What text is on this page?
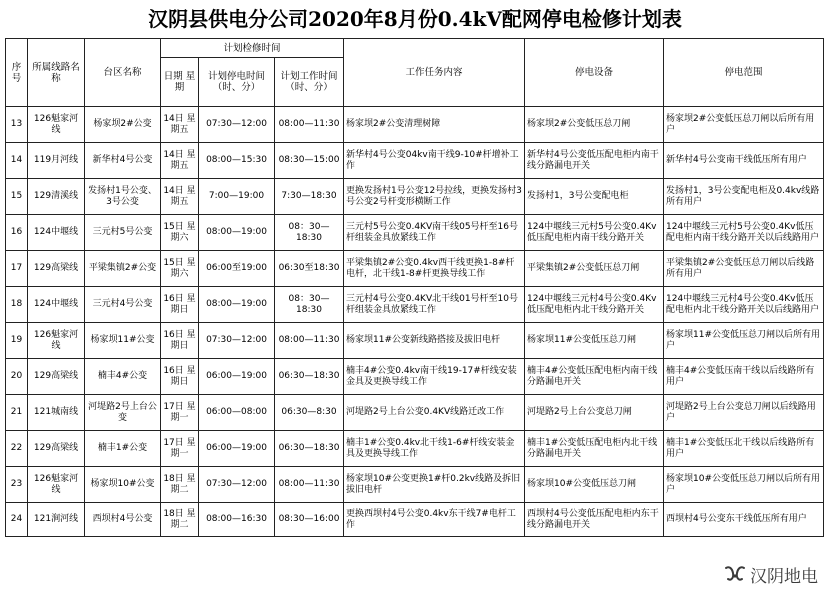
汉阴县供电分公司2020年8月份0.4kV配网停电检修计划表
序号	所属线路名 称	台区名称	计划检修时间			工作任务内容	停电设备	停电范围
			日期 星期	计划停电时间 （时、分）	计划工作时间 （时、分）			
13	126魁家河线	杨家坝2#公变	14日 星期五	07:30—12:00	08:00—11:30	杨家坝2#公变清理树障	杨家坝2#公变低压总刀闸	杨家坝2#公变低压总刀闸以后所有用户
14	119月河线	新华村4号公变	14日 星期五	08:00—15:30	08:30—15:00	新华村4号公变04kv南干线9-10#杆增补工作	新华村4号公变低压配电柜内南干线分路漏电开关	新华村4号公变南干线低压所有用户
15	129清溪线	发扬村1号公变、3号公变	14日 星期五	7:00—19:00	7:30—18:30	更换发扬村1号公变12号拉线，更换发扬村3号公变2号杆变形横断工作	发扬村1，3号公变配电柜	发扬村1，3号公变配电柜及0.4kv线路所有用户
16	124中堰线	三元村5号公变	15日 星期六	08:00—19:00	08：30—18:30	三元村5号公变0.4KV南干线05号杆至16号杆组装金具放紧线工作	124中堰线三元村5号公变0.4Kv低压配电柜内南干线分路开关	124中堰线三元村5号公变0.4Kv低压配电柜内南干线分路开关以后线路用户
17	129高梁线	平梁集镇2#公变	15日 星期六	06:00至19:00	06:30至18:30	平梁集镇2#公变0.4kv西干线更换1-8#杆电杆，北干线1-8#杆更换导线工作	平梁集镇2#公变低压总刀闸	平梁集镇2#公变低压总刀闸以后线路所有用户
18	124中堰线	三元村4号公变	16日 星期日	08:00—19:00	08：30—18:30	三元村4号公变0.4KV北干线01号杆至10号杆组装金具放紧线工作	124中堰线三元村4号公变0.4Kv低压配电柜内北干线分路开关	124中堰线三元村4号公变0.4Kv低压配电柜内北干线分路开关以后线路用户
19	126魁家河线	杨家坝11#公变	16日 星期日	07:30—12:00	08:00—11:30	杨家坝11#公变新线路搭接及拔旧电杆	杨家坝11#公变低压总刀闸	杨家坝11#公变低压总刀闸以后所有用户
20	129高梁线	楠丰4#公变	16日 星期日	06:00—19:00	06:30—18:30	楠丰4#公变0.4kv南干线19-17#杆线安装金具及更换导线工作	楠丰4#公变低压配电柜内南干线分路漏电开关	楠丰4#公变低压南干线以后线路所有用户
21	121城南线	河堤路2号上台公变	17日 星期一	06:00—08:00	06:30—8:30	河堤路2号上台公变0.4KV线路迁改工作	河堤路2号上台公变总刀闸	河堤路2号上台公变总刀闸以后线路用户
22	129高梁线	楠丰1#公变	17日 星期一	06:00—19:00	06:30—18:30	楠丰1#公变0.4kv北干线1-6#杆线安装金具及更换导线工作	楠丰1#公变低压配电柜内北干线分路漏电开关	楠丰1#公变低压北干线以后线路所有用户
23	126魁家河线	杨家坝10#公变	18日 星期二	07:30—12:00	08:00—11:30	杨家坝10#公变更换1#杆0.2kv线路及拆旧拔旧电杆	杨家坝10#公变低压总刀闸	杨家坝10#公变低压总刀闸以后所有用户
24	121涧河线	西坝村4号公变	18日 星期二	08:00—16:30	08:30—16:00	更换西坝村4号公变0.4kv东干线7#电杆工作	西坝村4号公变低压配电柜内东干线分路漏电开关	西坝村4号公变东干线低压所有用户
汉阴地电
